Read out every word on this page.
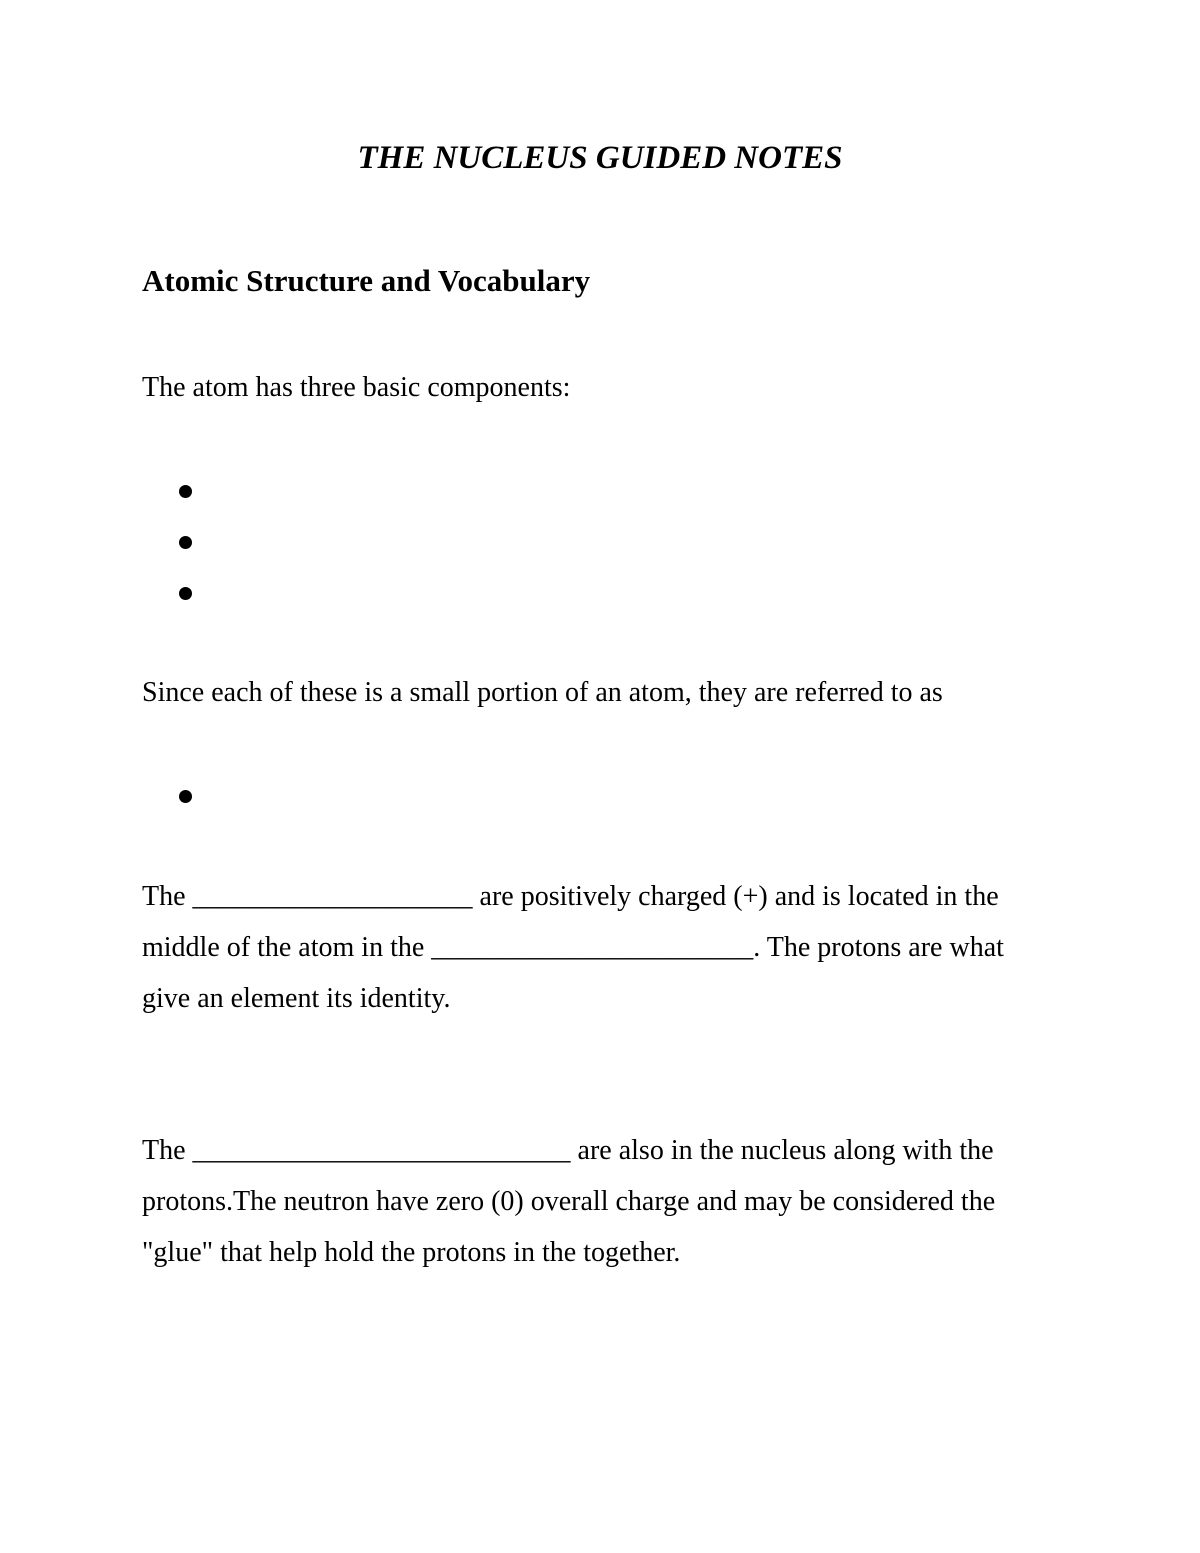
THE NUCLEUS GUIDED NOTES
Atomic Structure and Vocabulary
The atom has three basic components:
Since each of these is a small portion of an atom, they are referred to as
The ____________________ are positively charged (+) and is located in the
middle of the atom in the _______________________. The protons are what
give an element its identity.
The ___________________________ are also in the nucleus along with the
protons.The neutron have zero (0) overall charge and may be considered the
"glue" that help hold the protons in the together.
